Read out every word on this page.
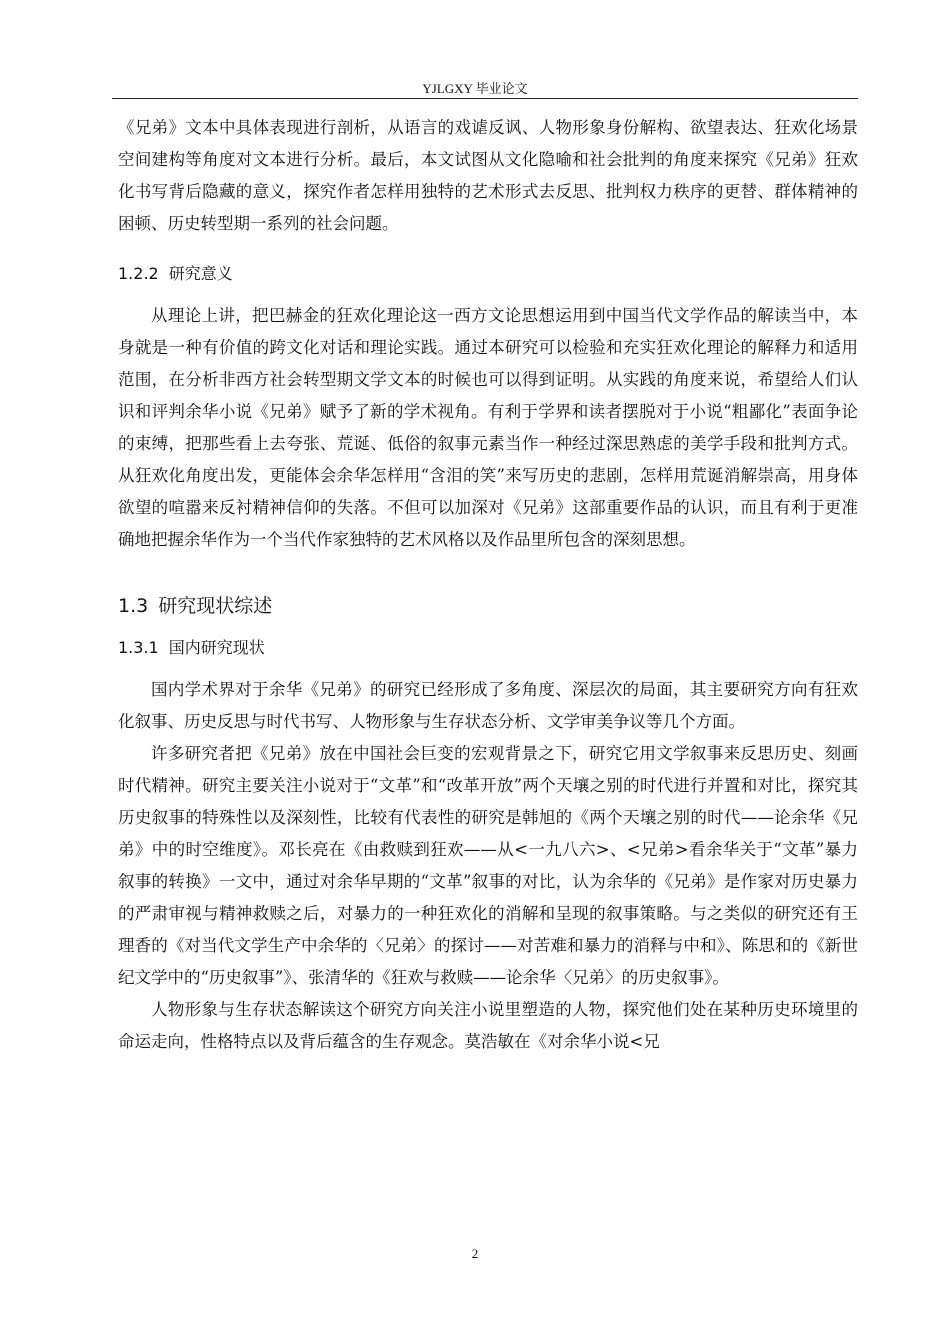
YJLGXY 毕业论文

《兄弟》文本中具体表现进行剖析，从语言的戏谑反讽、人物形象身份解构、欲望表达、狂欢化场景空间建构等角度对文本进行分析。最后，本文试图从文化隐喻和社会批判的角度来探究《兄弟》狂欢化书写背后隐藏的意义，探究作者怎样用独特的艺术形式去反思、批判权力秩序的更替、群体精神的困顿、历史转型期一系列的社会问题。

1.2.2 研究意义

从理论上讲，把巴赫金的狂欢化理论这一西方文论思想运用到中国当代文学作品的解读当中，本身就是一种有价值的跨文化对话和理论实践。通过本研究可以检验和充实狂欢化理论的解释力和适用范围，在分析非西方社会转型期文学文本的时候也可以得到证明。从实践的角度来说，希望给人们认识和评判余华小说《兄弟》赋予了新的学术视角。有利于学界和读者摆脱对于小说“粗鄙化”表面争论的束缚，把那些看上去夸张、荒诞、低俗的叙事元素当作一种经过深思熟虑的美学手段和批判方式。从狂欢化角度出发，更能体会余华怎样用“含泪的笑”来写历史的悲剧，怎样用荒诞消解崇高，用身体欲望的喧嚣来反衬精神信仰的失落。不但可以加深对《兄弟》这部重要作品的认识，而且有利于更准确地把握余华作为一个当代作家独特的艺术风格以及作品里所包含的深刻思想。

1.3 研究现状综述
1.3.1 国内研究现状

国内学术界对于余华《兄弟》的研究已经形成了多角度、深层次的局面，其主要研究方向有狂欢化叙事、历史反思与时代书写、人物形象与生存状态分析、文学审美争议等几个方面。

许多研究者把《兄弟》放在中国社会巨变的宏观背景之下，研究它用文学叙事来反思历史、刻画时代精神。研究主要关注小说对于“文革”和“改革开放”两个天壤之别的时代进行并置和对比，探究其历史叙事的特殊性以及深刻性，比较有代表性的研究是韩旭的《两个天壤之别的时代——论余华《兄弟》中的时空维度》。邓长亮在《由救赎到狂欢——从<一九八六>、<兄弟>看余华关于“文革”暴力叙事的转换》一文中，通过对余华早期的“文革”叙事的对比，认为余华的《兄弟》是作家对历史暴力的严肃审视与精神救赎之后，对暴力的一种狂欢化的消解和呈现的叙事策略。与之类似的研究还有王理香的《对当代文学生产中余华的〈兄弟〉的探讨——对苦难和暴力的消释与中和》、陈思和的《新世纪文学中的“历史叙事”》、张清华的《狂欢与救赎——论余华〈兄弟〉的历史叙事》。

人物形象与生存状态解读这个研究方向关注小说里塑造的人物，探究他们处在某种历史环境里的命运走向，性格特点以及背后蕴含的生存观念。莫浩敏在《对余华小说<兄

2
